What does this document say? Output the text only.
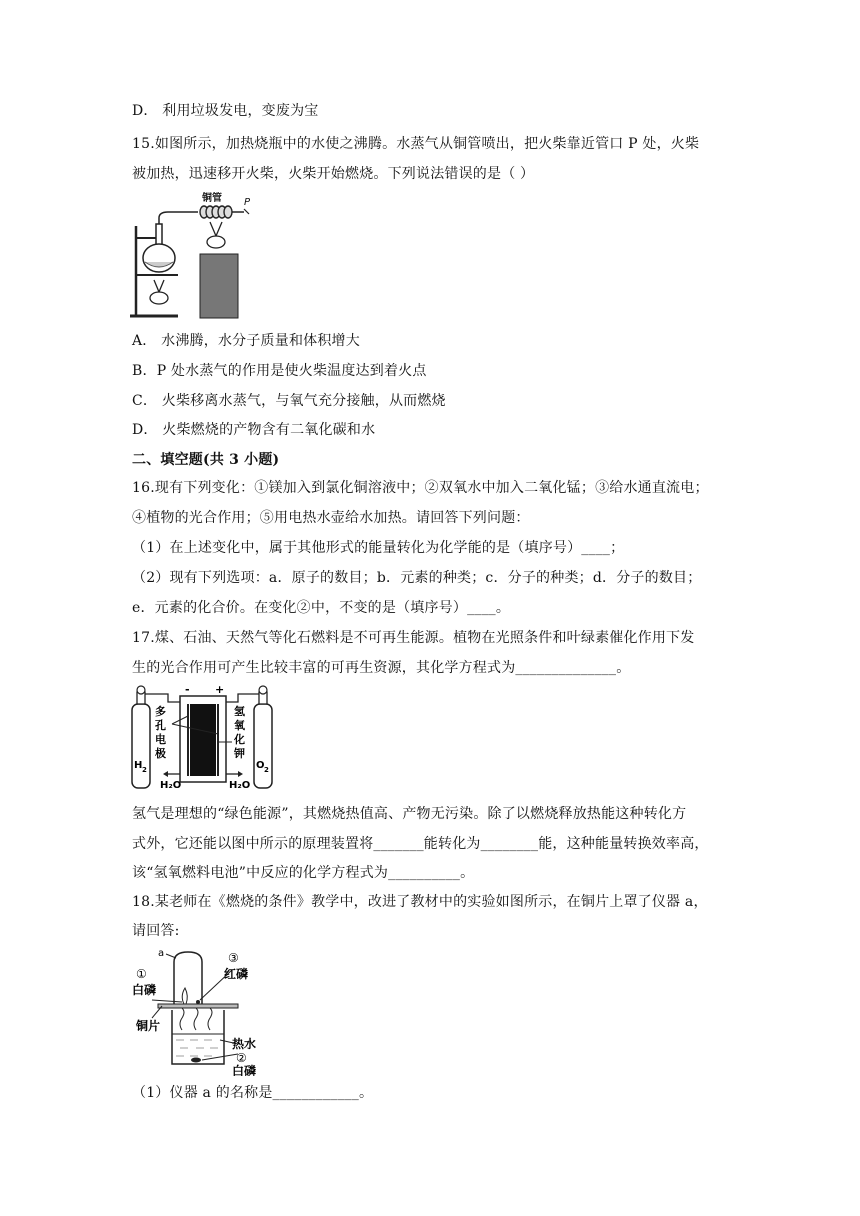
D． 利用垃圾发电，变废为宝
15.如图所示，加热烧瓶中的水使之沸腾。水蒸气从铜管喷出，把火柴靠近管口 P 处，火柴
被加热，迅速移开火柴，火柴开始燃烧。下列说法错误的是（ ）
铜管 P
A． 水沸腾，水分子质量和体积增大
B．P 处水蒸气的作用是使火柴温度达到着火点
C． 火柴移离水蒸气，与氧气充分接触，从而燃烧
D． 火柴燃烧的产物含有二氧化碳和水
二、填空题(共 3 小题)
16.现有下列变化：①镁加入到氯化铜溶液中；②双氧水中加入二氧化锰；③给水通直流电；
④植物的光合作用；⑤用电热水壶给水加热。请回答下列问题：
（1）在上述变化中，属于其他形式的能量转化为化学能的是（填序号）____；
（2）现有下列选项：a．原子的数目；b．元素的种类；c．分子的种类；d．分子的数目；
e．元素的化合价。在变化②中，不变的是（填序号）____。
17.煤、石油、天然气等化石燃料是不可再生能源。植物在光照条件和叶绿素催化作用下发
生的光合作用可产生比较丰富的可再生资源，其化学方程式为______________。
H 2	O 2
- +
H₂O	H₂O
多
孔
电
极
氢
氧
化
钾
氢气是理想的“绿色能源”，其燃烧热值高、产物无污染。除了以燃烧释放热能这种转化方
式外，它还能以图中所示的原理装置将_______能转化为________能，这种能量转换效率高，
该“氢氧燃料电池”中反应的化学方程式为__________。
18.某老师在《燃烧的条件》教学中，改进了教材中的实验如图所示，在铜片上罩了仪器 a，
请回答:
a
①
白磷
铜片
③
红磷
热水
②
白磷
（1）仪器 a 的名称是____________。
